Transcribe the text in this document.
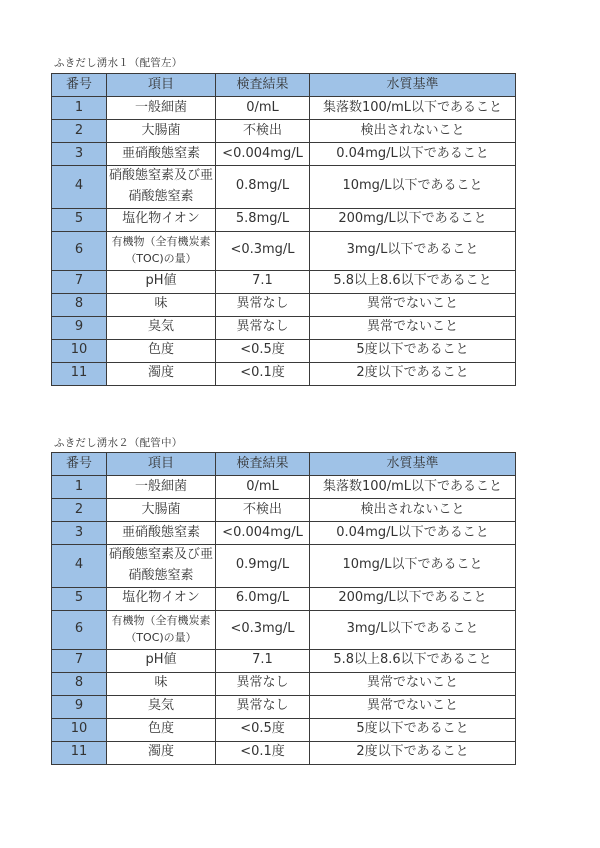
ふきだし湧水１（配管左）
番号	項目	検査結果	水質基準
1	一般細菌	0/mL	集落数100/mL以下であること
2	大腸菌	不検出	検出されないこと
3	亜硝酸態窒素	<0.004mg/L	0.04mg/L以下であること
4	硝酸態窒素及び亜硝酸態窒素	0.8mg/L	10mg/L以下であること
5	塩化物イオン	5.8mg/L	200mg/L以下であること
6	有機物（全有機炭素（TOC)の量）	<0.3mg/L	3mg/L以下であること
7	pH値	7.1	5.8以上8.6以下であること
8	味	異常なし	異常でないこと
9	臭気	異常なし	異常でないこと
10	色度	<0.5度	5度以下であること
11	濁度	<0.1度	2度以下であること
ふきだし湧水２（配管中）
番号	項目	検査結果	水質基準
1	一般細菌	0/mL	集落数100/mL以下であること
2	大腸菌	不検出	検出されないこと
3	亜硝酸態窒素	<0.004mg/L	0.04mg/L以下であること
4	硝酸態窒素及び亜硝酸態窒素	0.9mg/L	10mg/L以下であること
5	塩化物イオン	6.0mg/L	200mg/L以下であること
6	有機物（全有機炭素（TOC)の量）	<0.3mg/L	3mg/L以下であること
7	pH値	7.1	5.8以上8.6以下であること
8	味	異常なし	異常でないこと
9	臭気	異常なし	異常でないこと
10	色度	<0.5度	5度以下であること
11	濁度	<0.1度	2度以下であること
